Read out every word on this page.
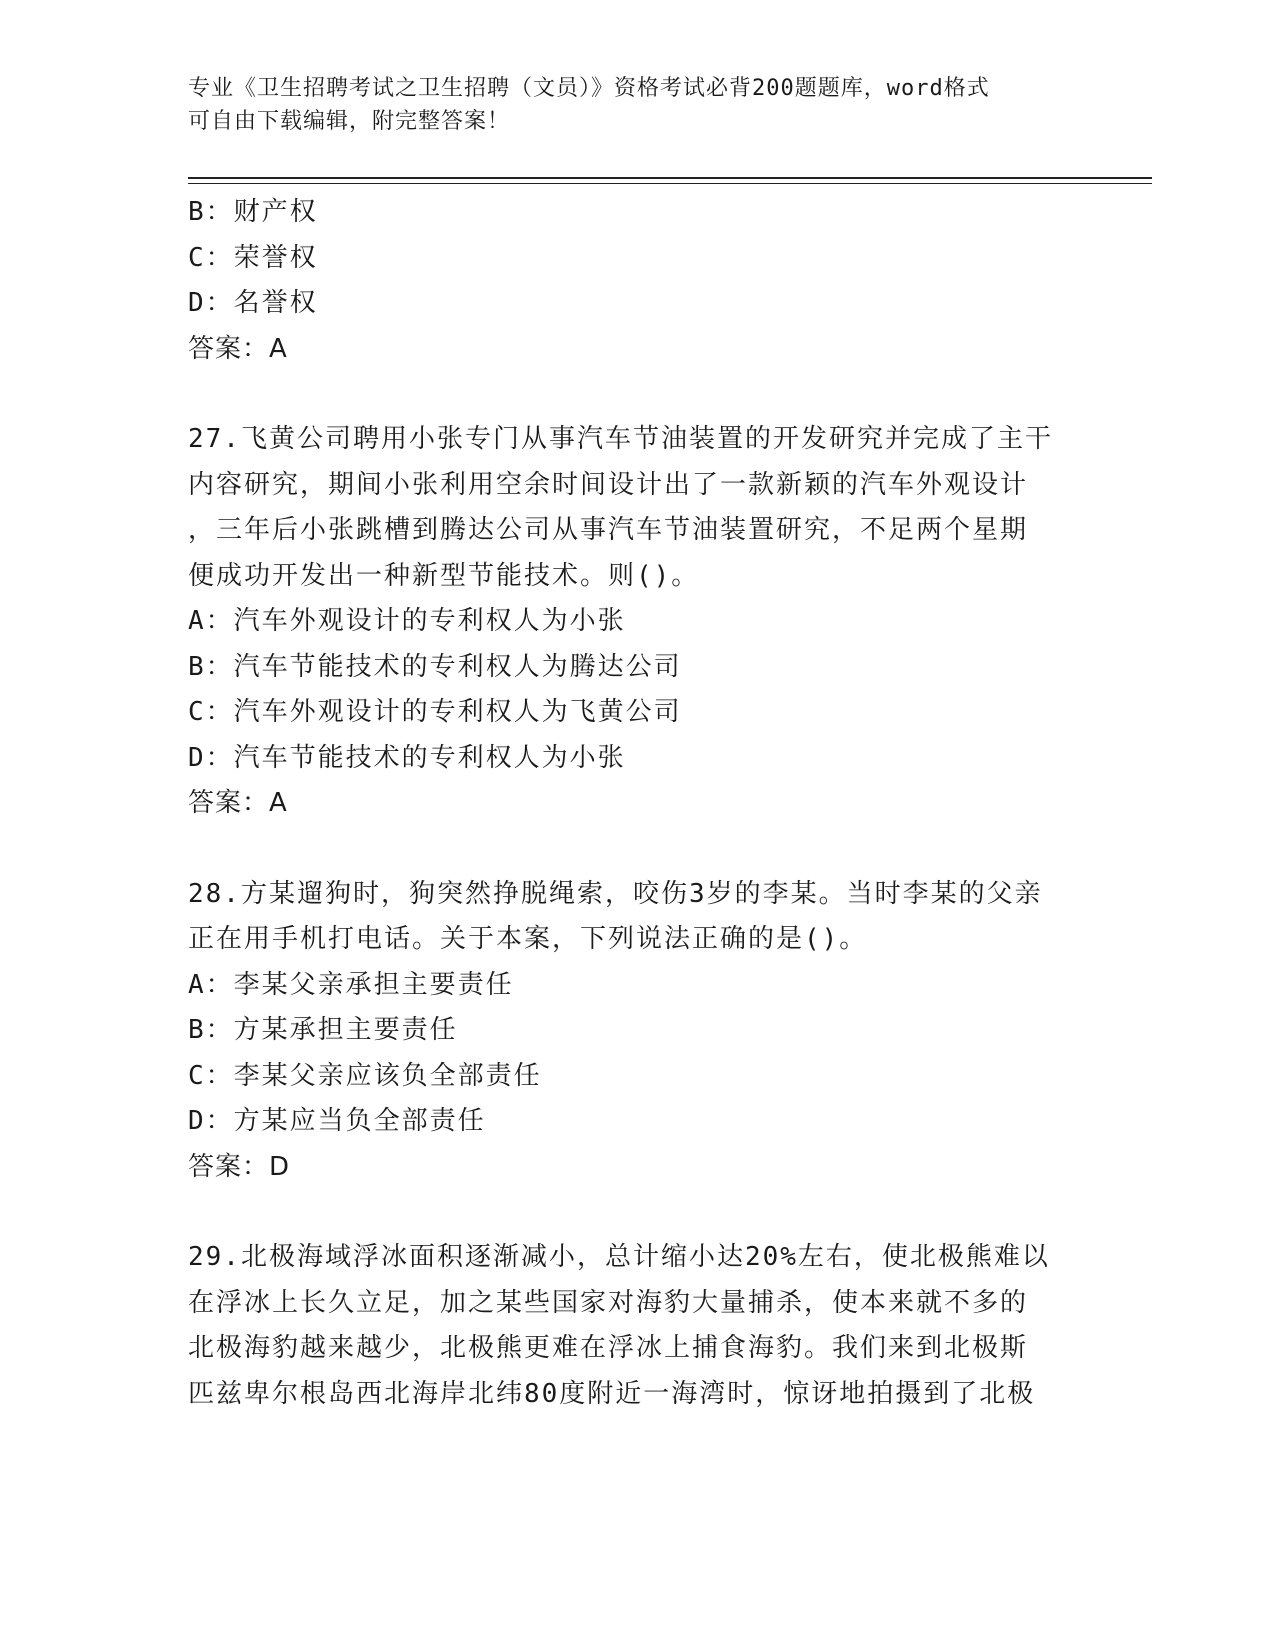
专业《卫生招聘考试之卫生招聘（文员）》资格考试必背200题题库，word格式
可自由下载编辑，附完整答案！
B：财产权
C：荣誉权
D：名誉权
答案：A
27.飞黄公司聘用小张专门从事汽车节油装置的开发研究并完成了主干
内容研究，期间小张利用空余时间设计出了一款新颖的汽车外观设计
，三年后小张跳槽到腾达公司从事汽车节油装置研究，不足两个星期
便成功开发出一种新型节能技术。则()。
A：汽车外观设计的专利权人为小张
B：汽车节能技术的专利权人为腾达公司
C：汽车外观设计的专利权人为飞黄公司
D：汽车节能技术的专利权人为小张
答案：A
28.方某遛狗时，狗突然挣脱绳索，咬伤3岁的李某。当时李某的父亲
正在用手机打电话。关于本案，下列说法正确的是()。
A：李某父亲承担主要责任
B：方某承担主要责任
C：李某父亲应该负全部责任
D：方某应当负全部责任
答案：D
29.北极海域浮冰面积逐渐减小，总计缩小达20%左右，使北极熊难以
在浮冰上长久立足，加之某些国家对海豹大量捕杀，使本来就不多的
北极海豹越来越少，北极熊更难在浮冰上捕食海豹。我们来到北极斯
匹兹卑尔根岛西北海岸北纬80度附近一海湾时，惊讶地拍摄到了北极
